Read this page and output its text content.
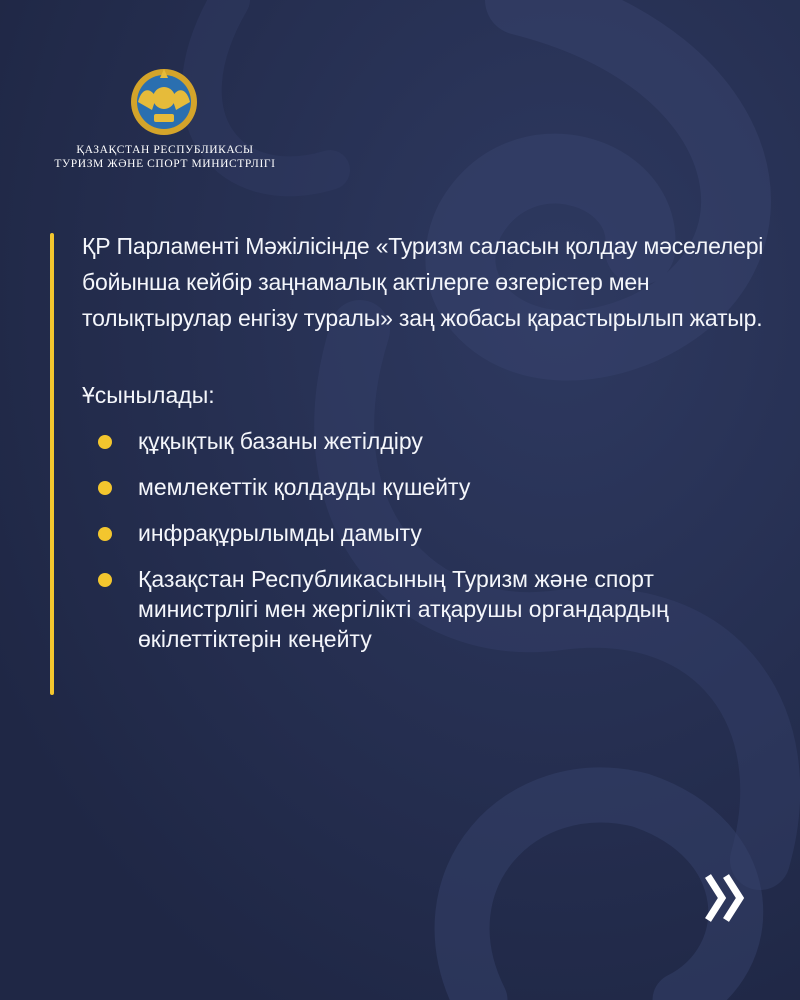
ҚАЗАҚСТАН РЕСПУБЛИКАСЫ
ТУРИЗМ ЖӘНЕ СПОРТ МИНИСТРЛІГІ

ҚР Парламенті Мәжілісінде «Туризм саласын қолдау мәселелері бойынша кейбір заңнамалық актілерге өзгерістер мен толықтырулар енгізу туралы» заң жобасы қарастырылып жатыр.

Ұсынылады:
құқықтық базаны жетілдіру
мемлекеттік қолдауды күшейту
инфрақұрылымды дамыту
Қазақстан Республикасының Туризм және спорт министрлігі мен жергілікті атқарушы органдардың өкілеттіктерін кеңейту
